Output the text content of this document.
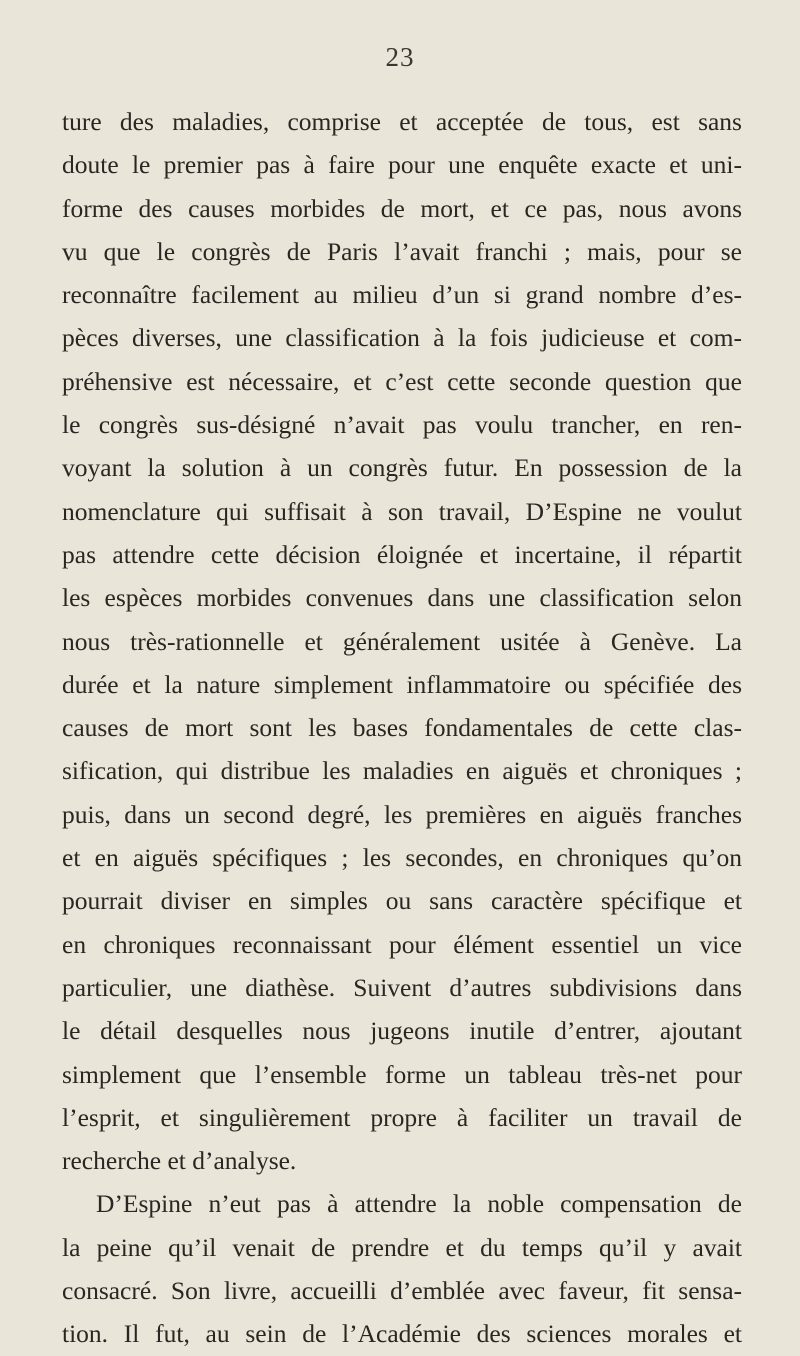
23
ture des maladies, comprise et acceptée de tous, est sans
doute le premier pas à faire pour une enquête exacte et uni-
forme des causes morbides de mort, et ce pas, nous avons
vu que le congrès de Paris l’avait franchi ; mais, pour se
reconnaître facilement au milieu d’un si grand nombre d’es-
pèces diverses, une classification à la fois judicieuse et com-
préhensive est nécessaire, et c’est cette seconde question que
le congrès sus-désigné n’avait pas voulu trancher, en ren-
voyant la solution à un congrès futur. En possession de la
nomenclature qui suffisait à son travail, D’Espine ne voulut
pas attendre cette décision éloignée et incertaine, il répartit
les espèces morbides convenues dans une classification selon
nous très-rationnelle et généralement usitée à Genève. La
durée et la nature simplement inflammatoire ou spécifiée des
causes de mort sont les bases fondamentales de cette clas-
sification, qui distribue les maladies en aiguës et chroniques ;
puis, dans un second degré, les premières en aiguës franches
et en aiguës spécifiques ; les secondes, en chroniques qu’on
pourrait diviser en simples ou sans caractère spécifique et
en chroniques reconnaissant pour élément essentiel un vice
particulier, une diathèse. Suivent d’autres subdivisions dans
le détail desquelles nous jugeons inutile d’entrer, ajoutant
simplement que l’ensemble forme un tableau très-net pour
l’esprit, et singulièrement propre à faciliter un travail de
recherche et d’analyse.
D’Espine n’eut pas à attendre la noble compensation de
la peine qu’il venait de prendre et du temps qu’il y avait
consacré. Son livre, accueilli d’emblée avec faveur, fit sensa-
tion. Il fut, au sein de l’Académie des sciences morales et
